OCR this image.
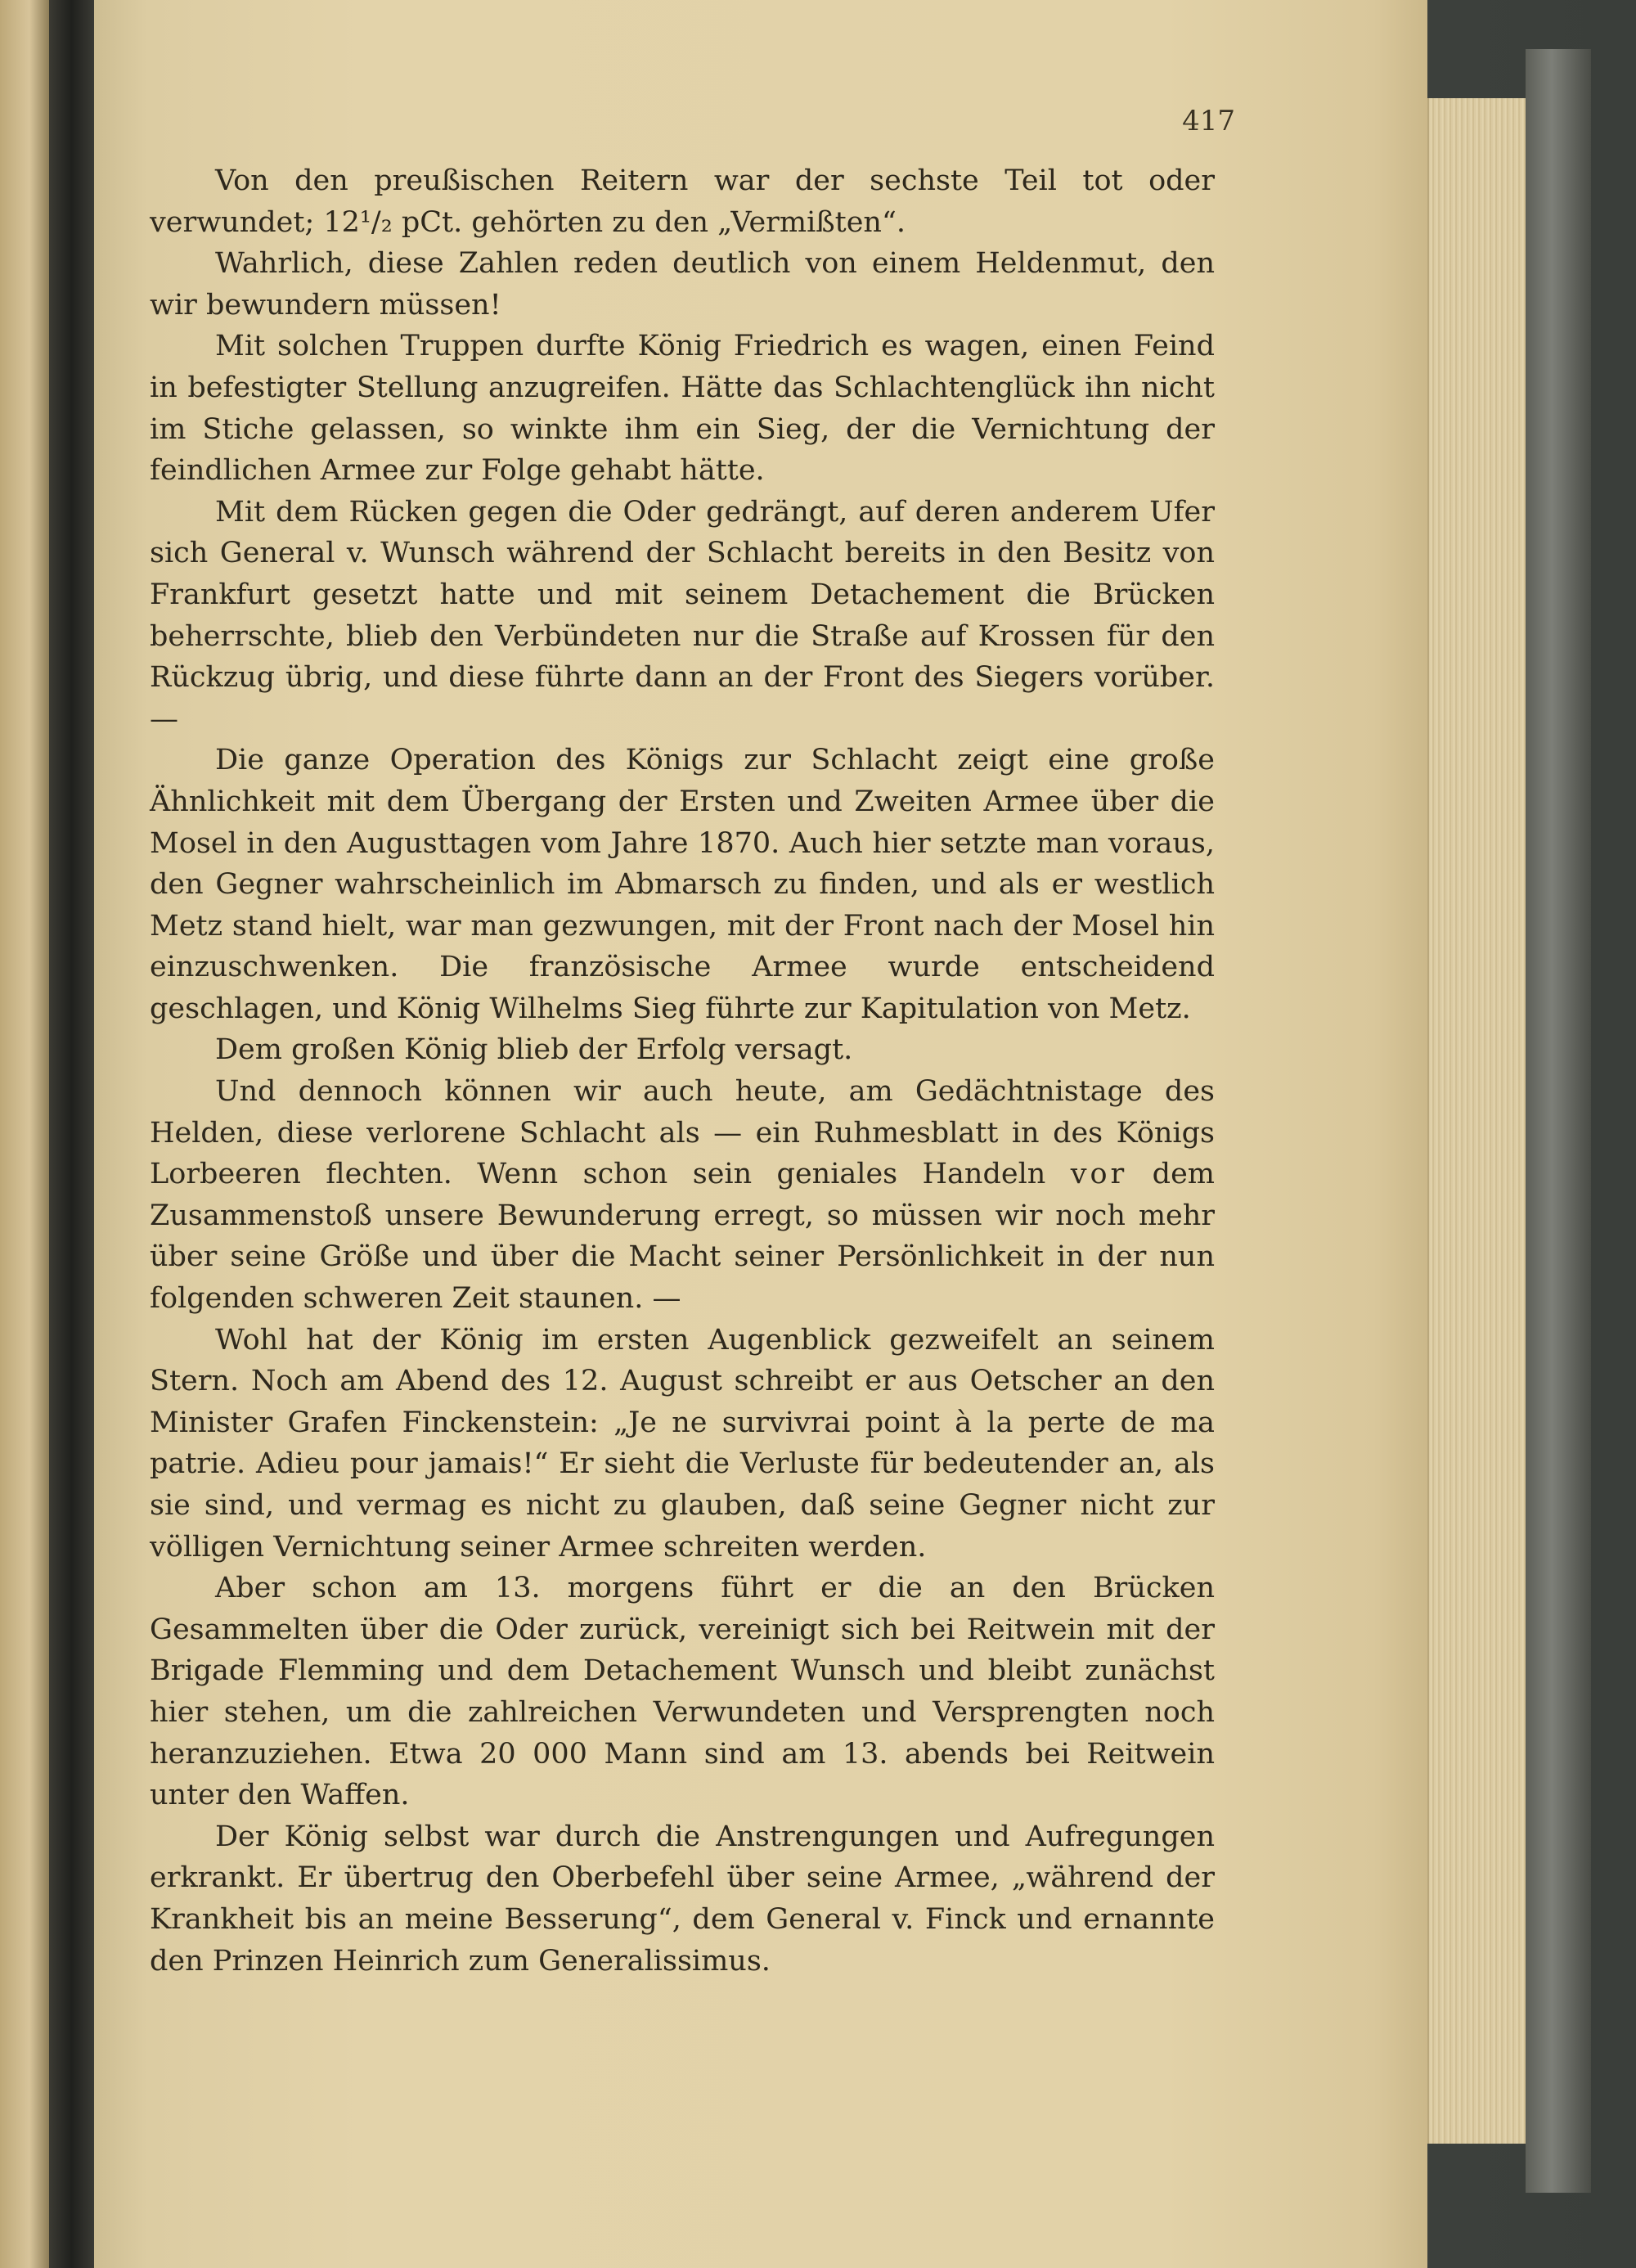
417

Von den preußischen Reitern war der sechste Teil tot oder verwundet; 12¹/₂ pCt. gehörten zu den „Vermißten“.

Wahrlich, diese Zahlen reden deutlich von einem Heldenmut, den wir bewundern müssen!

Mit solchen Truppen durfte König Friedrich es wagen, einen Feind in befestigter Stellung anzugreifen. Hätte das Schlachtenglück ihn nicht im Stiche gelassen, so winkte ihm ein Sieg, der die Vernichtung der feindlichen Armee zur Folge gehabt hätte.

Mit dem Rücken gegen die Oder gedrängt, auf deren anderem Ufer sich General v. Wunsch während der Schlacht bereits in den Besitz von Frankfurt gesetzt hatte und mit seinem Detachement die Brücken beherrschte, blieb den Verbündeten nur die Straße auf Krossen für den Rückzug übrig, und diese führte dann an der Front des Siegers vorüber. —

Die ganze Operation des Königs zur Schlacht zeigt eine große Ähnlichkeit mit dem Übergang der Ersten und Zweiten Armee über die Mosel in den Augusttagen vom Jahre 1870. Auch hier setzte man voraus, den Gegner wahrscheinlich im Abmarsch zu finden, und als er westlich Metz stand hielt, war man gezwungen, mit der Front nach der Mosel hin einzuschwenken. Die französische Armee wurde entscheidend geschlagen, und König Wilhelms Sieg führte zur Kapitulation von Metz.

Dem großen König blieb der Erfolg versagt.

Und dennoch können wir auch heute, am Gedächtnistage des Helden, diese verlorene Schlacht als — ein Ruhmesblatt in des Königs Lorbeeren flechten. Wenn schon sein geniales Handeln vor dem Zusammenstoß unsere Bewunderung erregt, so müssen wir noch mehr über seine Größe und über die Macht seiner Persönlichkeit in der nun folgenden schweren Zeit staunen. —

Wohl hat der König im ersten Augenblick gezweifelt an seinem Stern. Noch am Abend des 12. August schreibt er aus Oetscher an den Minister Grafen Finckenstein: „Je ne survivrai point à la perte de ma patrie. Adieu pour jamais!“ Er sieht die Verluste für bedeutender an, als sie sind, und vermag es nicht zu glauben, daß seine Gegner nicht zur völligen Vernichtung seiner Armee schreiten werden.

Aber schon am 13. morgens führt er die an den Brücken Gesammelten über die Oder zurück, vereinigt sich bei Reitwein mit der Brigade Flemming und dem Detachement Wunsch und bleibt zunächst hier stehen, um die zahlreichen Verwundeten und Versprengten noch heranzuziehen. Etwa 20 000 Mann sind am 13. abends bei Reitwein unter den Waffen.

Der König selbst war durch die Anstrengungen und Aufregungen erkrankt. Er übertrug den Oberbefehl über seine Armee, „während der Krankheit bis an meine Besserung“, dem General v. Finck und ernannte den Prinzen Heinrich zum Generalissimus.
